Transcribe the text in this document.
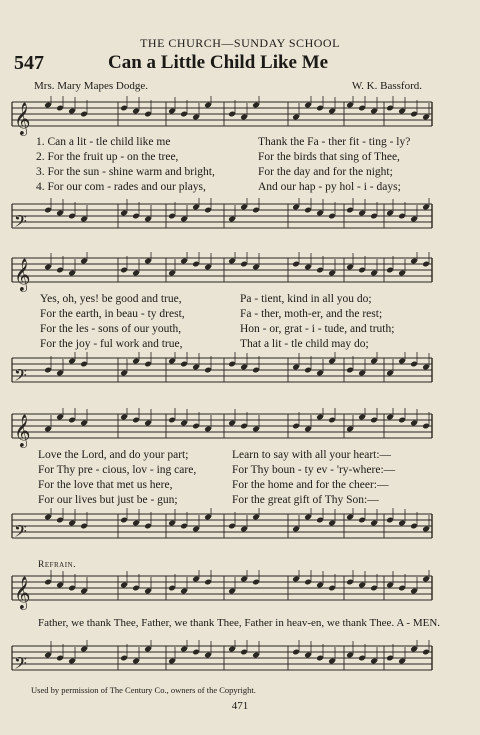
THE CHURCH—SUNDAY SCHOOL
547	Can a Little Child Like Me
Mrs. Mary Mapes Dodge.	W. K. Bassford.
𝄞
𝄢
𝄞
𝄢
𝄞
𝄢
𝄞
𝄢
1. Can a lit - tle child like me	Thank the Fa - ther fit - ting - ly?
2. For the fruit up - on the tree,	For the birds that sing of Thee,
3. For the sun - shine warm and bright,	For the day and for the night;
4. For our com - rades and our plays,	And our hap - py hol - i - days;
Yes, oh, yes! be good and true,	Pa - tient, kind in all you do;
For the earth, in beau - ty drest,	Fa - ther, moth-er, and the rest;
For the les - sons of our youth,	Hon - or, grat - i - tude, and truth;
For the joy - ful work and true,	That a lit - tle child may do;
Love the Lord, and do your part;	Learn to say with all your heart:—
For Thy pre - cious, lov - ing care,	For Thy boun - ty ev - 'ry-where:—
For the love that met us here,	For the home and for the cheer:—
For our lives but just be - gun;	For the great gift of Thy Son:—
Refrain.
Father, we thank Thee, Father, we thank Thee, Father in heav-en, we thank Thee. A - MEN.
Used by permission of The Century Co., owners of the Copyright.
471
